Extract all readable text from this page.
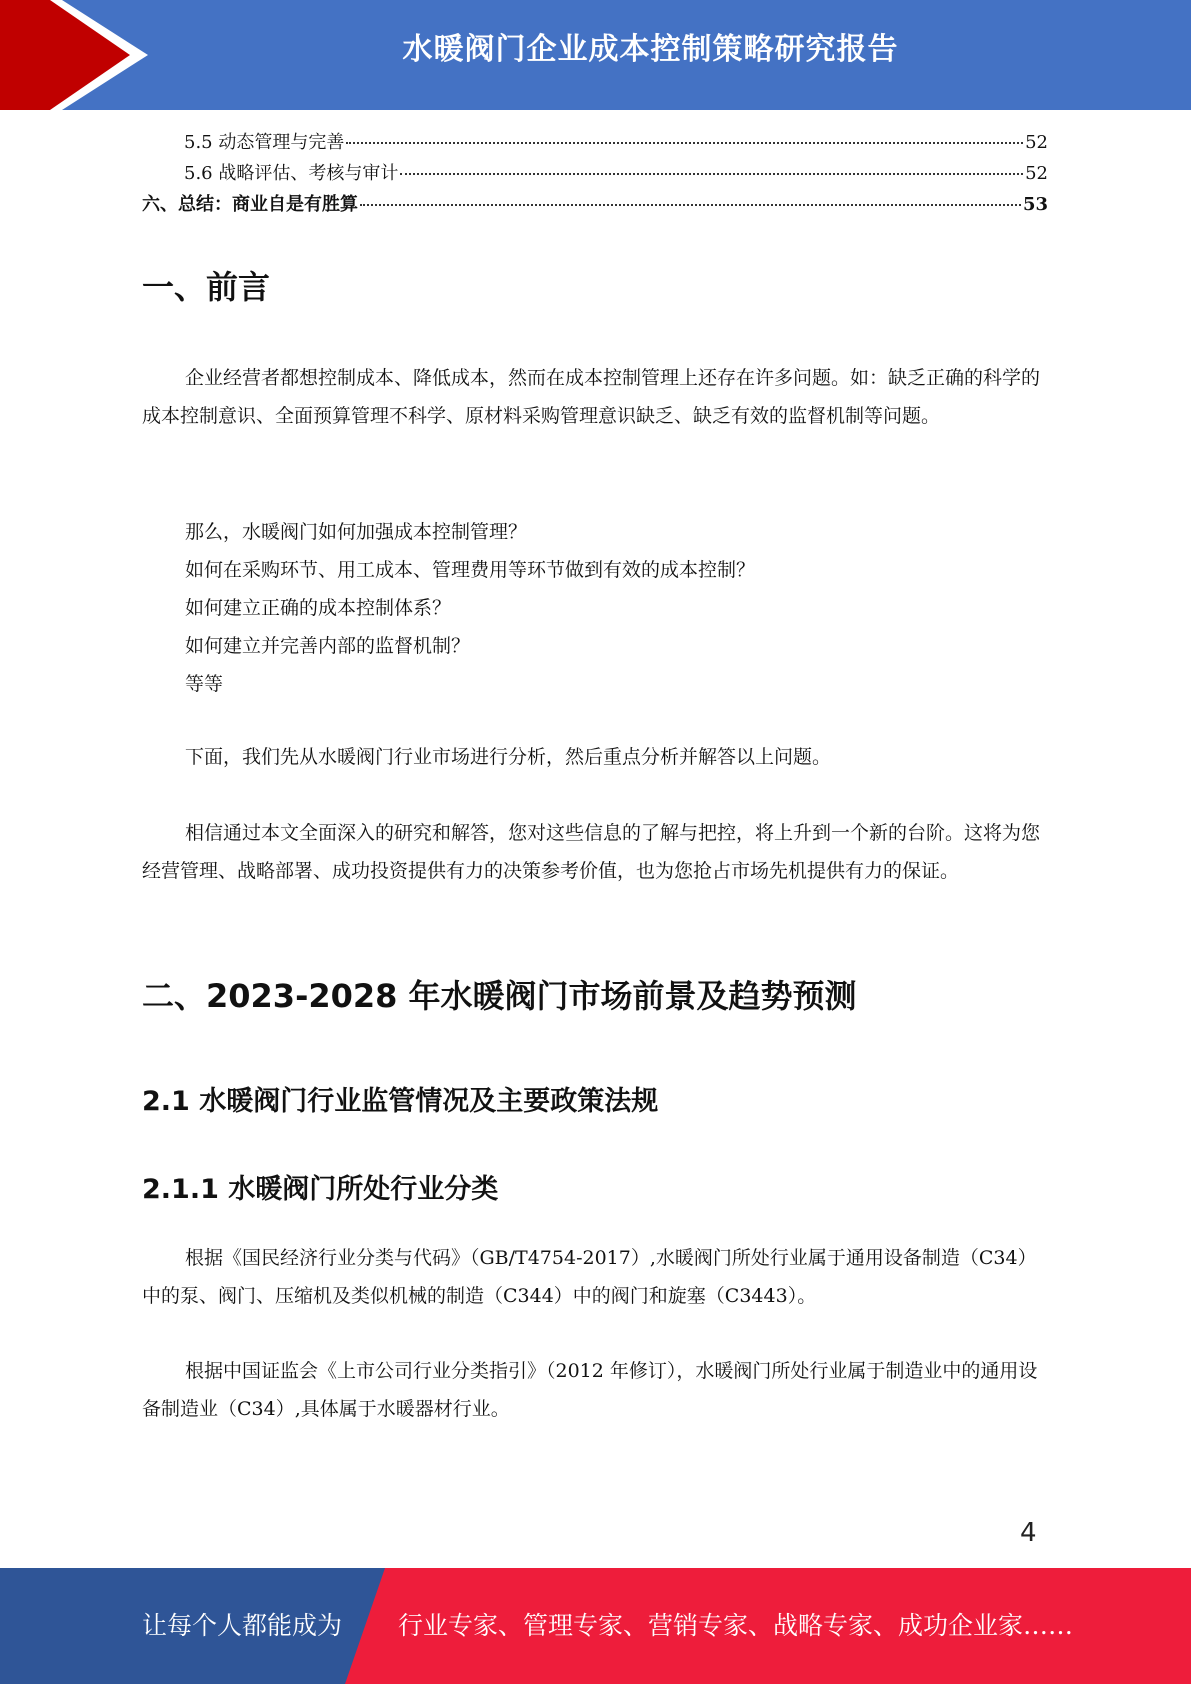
水暖阀门企业成本控制策略研究报告
5.5 动态管理与完善	52
5.6 战略评估、考核与审计	52
六、总结：商业自是有胜算	53
一、前言

企业经营者都想控制成本、降低成本，然而在成本控制管理上还存在许多问题。如：缺乏正确的科学的成本控制意识、全面预算管理不科学、原材料采购管理意识缺乏、缺乏有效的监督机制等问题。

那么，水暖阀门如何加强成本控制管理？
如何在采购环节、用工成本、管理费用等环节做到有效的成本控制？
如何建立正确的成本控制体系？
如何建立并完善内部的监督机制？
等等

下面，我们先从水暖阀门行业市场进行分析，然后重点分析并解答以上问题。

相信通过本文全面深入的研究和解答，您对这些信息的了解与把控，将上升到一个新的台阶。这将为您经营管理、战略部署、成功投资提供有力的决策参考价值，也为您抢占市场先机提供有力的保证。

二、2023-2028 年水暖阀门市场前景及趋势预测
2.1 水暖阀门行业监管情况及主要政策法规
2.1.1 水暖阀门所处行业分类

根据《国民经济行业分类与代码》（GB/T4754-2017）,水暖阀门所处行业属于通用设备制造（C34）中的泵、阀门、压缩机及类似机械的制造（C344）中的阀门和旋塞（C3443）。

根据中国证监会《上市公司行业分类指引》（2012 年修订），水暖阀门所处行业属于制造业中的通用设备制造业（C34）,具体属于水暖器材行业。

4
让每个人都能成为 行业专家、管理专家、营销专家、战略专家、成功企业家……
